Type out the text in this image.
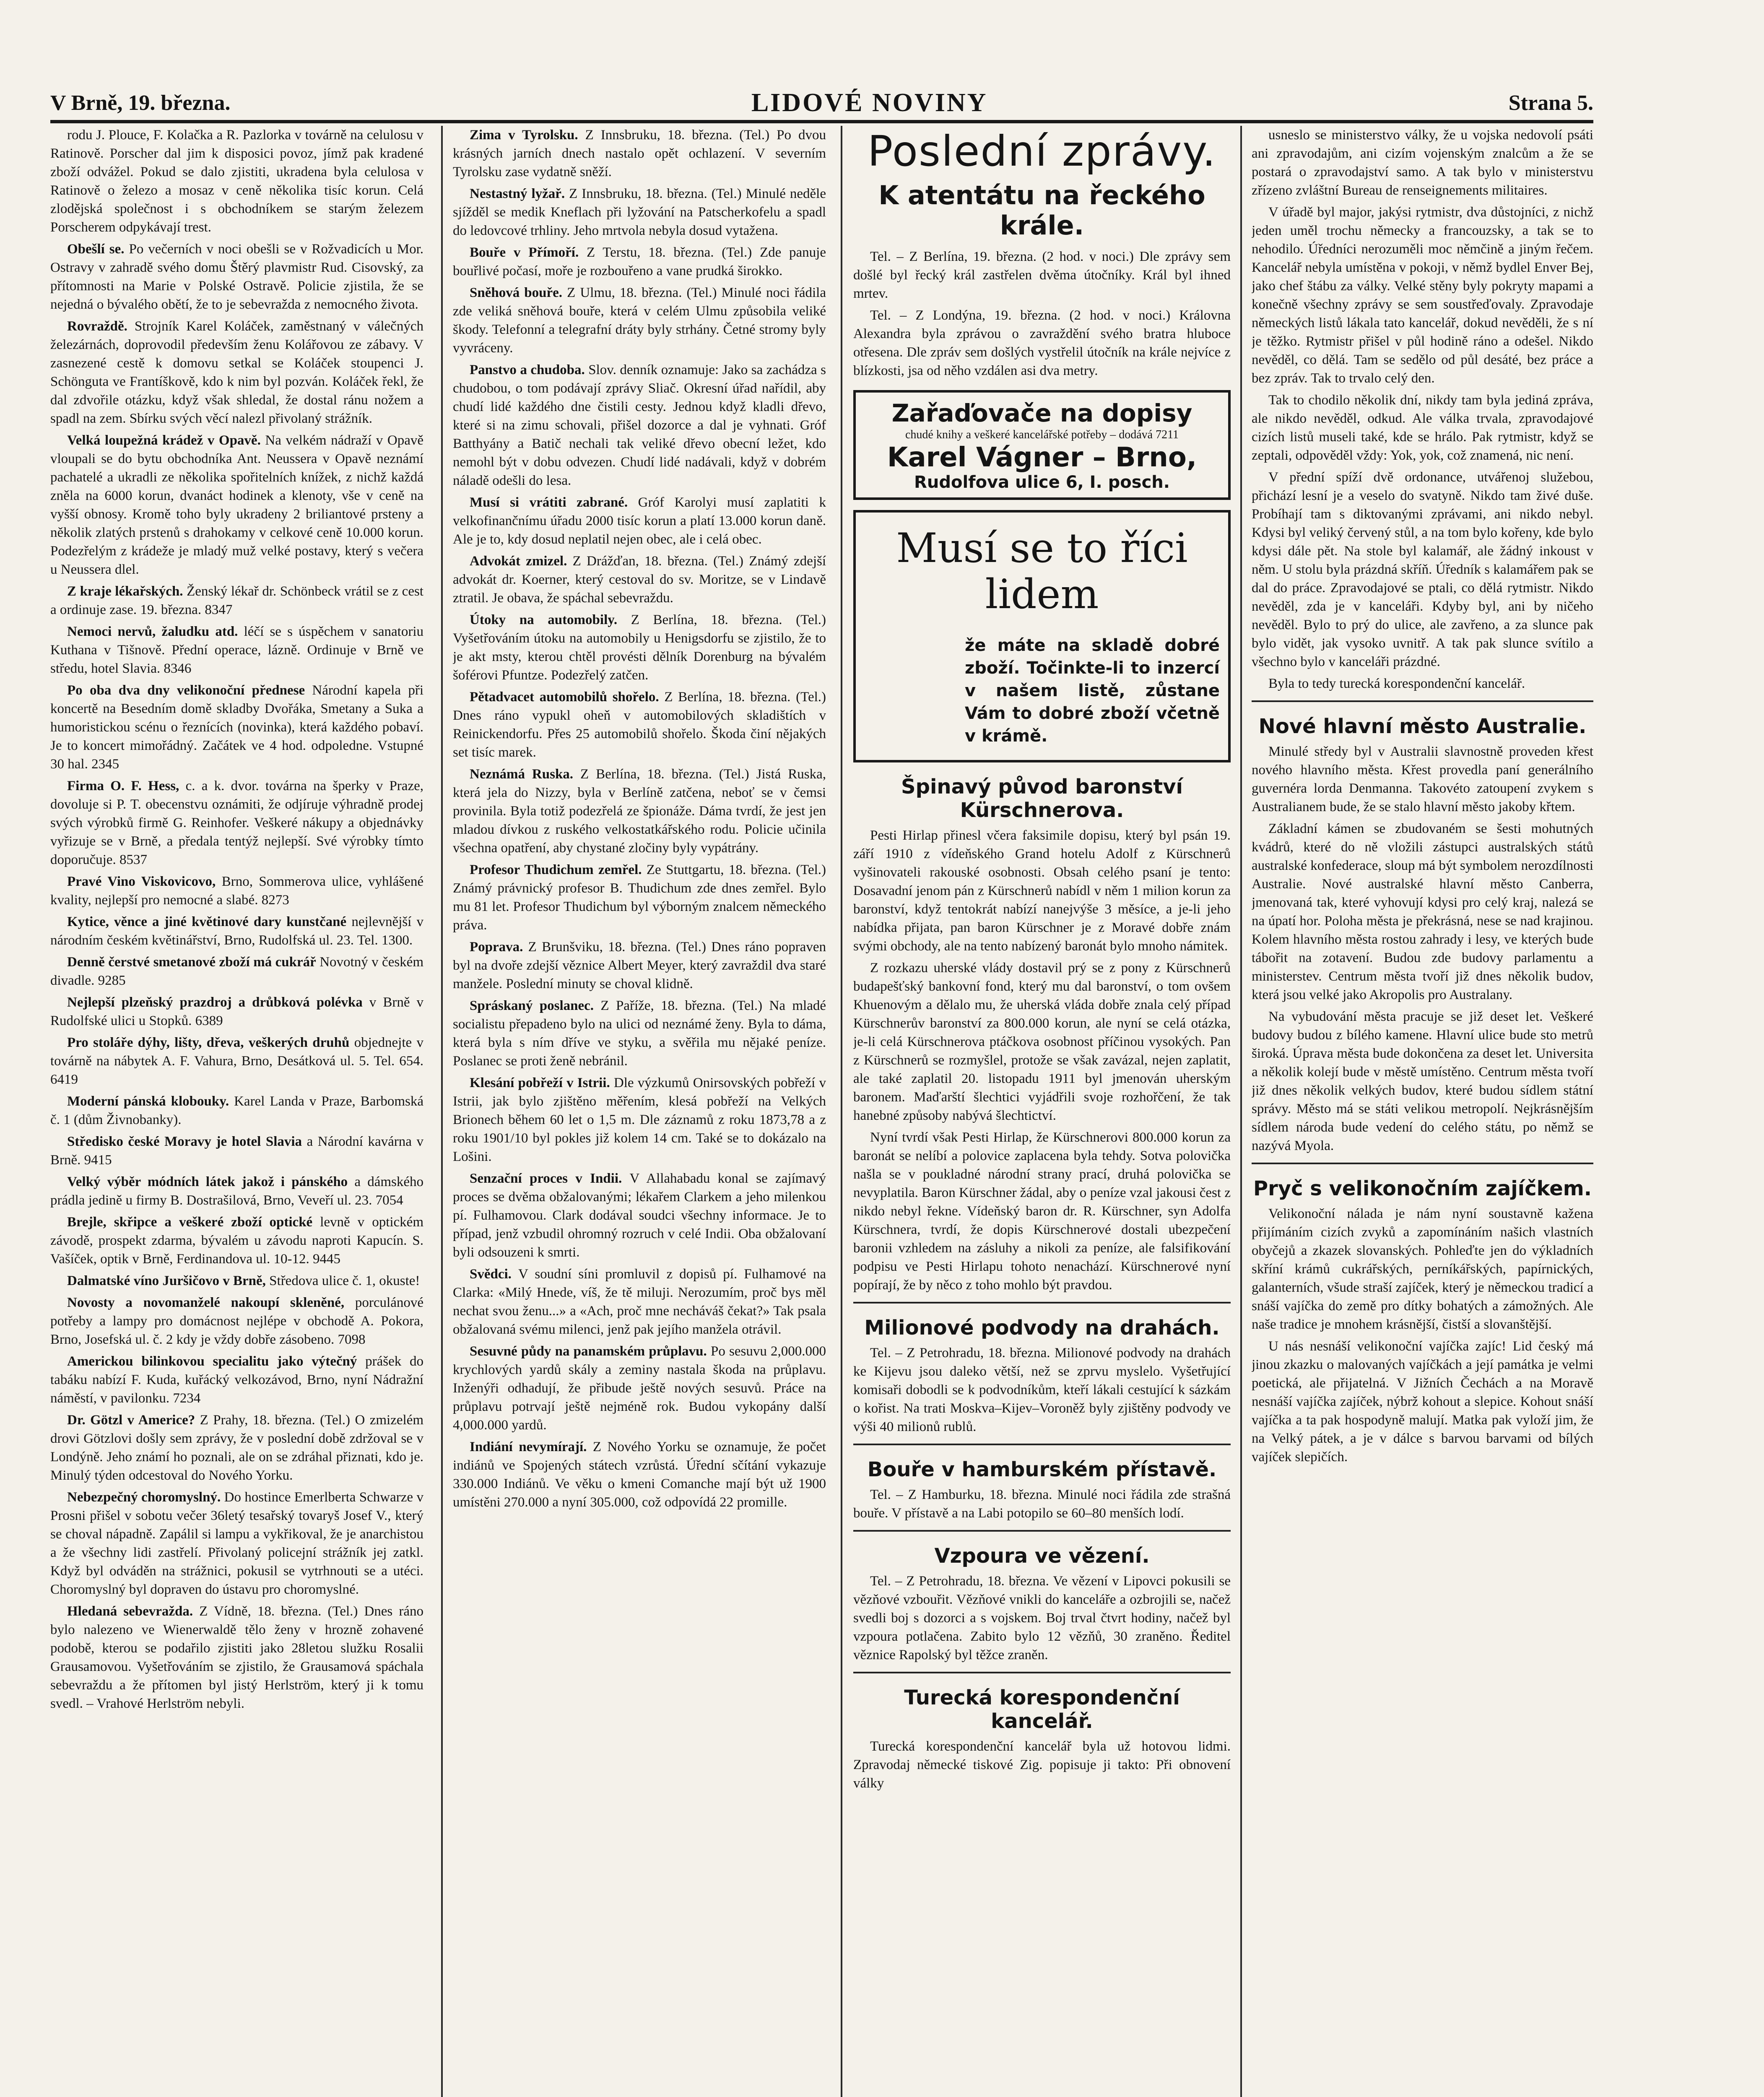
V Brně, 19. března.	LIDOVÉ NOVINY	Strana 5.

rodu J. Plouce, F. Kolačka a R. Pazlorka v továrně na celulosu v Ratinově. Porscher dal jim k disposici povoz, jímž pak kradené zboží odvážel. Pokud se dalo zjistiti, ukradena byla celulosa v Ratinově o železo a mosaz v ceně několika tisíc korun. Celá zlodějská společnost i s obchodníkem se starým železem Porscherem odpykávají trest.

Obešlí se. Po večerních v noci obešli se v Rožvadicích u Mor. Ostravy v zahradě svého domu Štěrý plavmistr Rud. Cisovský, za přítomnosti na Marie v Polské Ostravě. Policie zjistila, že se nejedná o bývalého obětí, že to je sebevražda z nemocného života.

Rovraždě. Strojník Karel Koláček, zaměstnaný v válečných železárnách, doprovodil především ženu Kolářovou ze zábavy. V zasnezené cestě k domovu setkal se Koláček stoupenci J. Schönguta ve Frantíškově, kdo k nim byl pozván. Koláček řekl, že dal zdvořile otázku, když však shledal, že dostal ránu nožem a spadl na zem. Sbírku svých věcí nalezl přivolaný strážník.

Velká loupežná krádež v Opavě. Na velkém nádraží v Opavě vloupali se do bytu obchodníka Ant. Neussera v Opavě neznámí pachatelé a ukradli ze několika spořitelních knížek, z nichž každá zněla na 6000 korun, dvanáct hodinek a klenoty, vše v ceně na vyšší obnosy. Kromě toho byly ukradeny 2 briliantové prsteny a několik zlatých prstenů s drahokamy v celkové ceně 10.000 korun. Podezřelým z krádeže je mladý muž velké postavy, který s večera u Neussera dlel.

Z kraje lékařských. Ženský lékař dr. Schönbeck vrátil se z cest a ordinuje zase. 19. března. 8347

Nemoci nervů, žaludku atd. léčí se s úspěchem v sanatoriu Kuthana v Tišnově. Přední operace, lázně. Ordinuje v Brně ve středu, hotel Slavia. 8346

Po oba dva dny velikonoční přednese Národní kapela při koncertě na Besedním domě skladby Dvořáka, Smetany a Suka a humoristickou scénu o řeznících (novinka), která každého pobaví. Je to koncert mimořádný. Začátek ve 4 hod. odpoledne. Vstupné 30 hal. 2345

Firma O. F. Hess, c. a k. dvor. továrna na šperky v Praze, dovoluje si P. T. obecenstvu oznámiti, že odjíruje výhradně prodej svých výrobků firmě G. Reinhofer. Veškeré nákupy a objednávky vyřizuje se v Brně, a předala tentýž nejlepší. Své výrobky tímto doporučuje. 8537

Pravé Vino Viskovicovo, Brno, Sommerova ulice, vyhlášené kvality, nejlepší pro nemocné a slabé. 8273

Kytice, věnce a jiné květinové dary kunstčané nejlevnější v národním českém květinářství, Brno, Rudolfská ul. 23. Tel. 1300.

Denně čerstvé smetanové zboží má cukrář Novotný v českém divadle. 9285

Nejlepší plzeňský prazdroj a drůbková polévka v Brně v Rudolfské ulici u Stopků. 6389

Pro stoláře dýhy, lišty, dřeva, veškerých druhů objednejte v továrně na nábytek A. F. Vahura, Brno, Desátková ul. 5. Tel. 654. 6419

Moderní pánská klobouky. Karel Landa v Praze, Barbomská č. 1 (dům Živnobanky).

Středisko české Moravy je hotel Slavia a Národní kavárna v Brně. 9415

Velký výběr módních látek jakož i pánského a dámského prádla jedině u firmy B. Dostrašilová, Brno, Veveří ul. 23. 7054

Brejle, skřipce a veškeré zboží optické levně v optickém závodě, prospekt zdarma, bývalém u závodu naproti Kapucín. S. Vašíček, optik v Brně, Ferdinandova ul. 10-12. 9445

Dalmatské víno Juršičovo v Brně, Středova ulice č. 1, okuste!

Novosty a novomanželé nakoupí skleněné, porculánové potřeby a lampy pro domácnost nejlépe v obchodě A. Pokora, Brno, Josefská ul. č. 2 kdy je vždy dobře zásobeno. 7098

Americkou bilinkovou specialitu jako výtečný prášek do tabáku nabízí F. Kuda, kuřácký velkozávod, Brno, nyní Nádražní náměstí, v pavilonku. 7234

Dr. Götzl v Americe? Z Prahy, 18. března. (Tel.) O zmizelém drovi Götzlovi došly sem zprávy, že v poslední době zdržoval se v Londýně. Jeho známí ho poznali, ale on se zdráhal přiznati, kdo je. Minulý týden odcestoval do Nového Yorku.

Nebezpečný choromyslný. Do hostince Emerlberta Schwarze v Prosni přišel v sobotu večer 36letý tesařský tovaryš Josef V., který se choval nápadně. Zapálil si lampu a vykřikoval, že je anarchistou a že všechny lidi zastřelí. Přivolaný policejní strážník jej zatkl. Když byl odváděn na strážnici, pokusil se vytrhnouti se a utéci. Choromyslný byl dopraven do ústavu pro choromyslné.

Hledaná sebevražda. Z Vídně, 18. března. (Tel.) Dnes ráno bylo nalezeno ve Wienerwaldě tělo ženy v hrozně zohavené podobě, kterou se podařilo zjistiti jako 28letou služku Rosalii Grausamovou. Vyšetřováním se zjistilo, že Grausamová spáchala sebevraždu a že přítomen byl jistý Herlström, který ji k tomu svedl. – Vrahové Herlström nebyli.

Zima v Tyrolsku. Z Innsbruku, 18. března. (Tel.) Po dvou krásných jarních dnech nastalo opět ochlazení. V severním Tyrolsku zase vydatně sněží.

Nestastný lyžař. Z Innsbruku, 18. března. (Tel.) Minulé neděle sjížděl se medik Kneflach při lyžování na Patscherkofelu a spadl do ledovcové trhliny. Jeho mrtvola nebyla dosud vytažena.

Bouře v Přímoří. Z Terstu, 18. března. (Tel.) Zde panuje bouřlivé počasí, moře je rozbouřeno a vane prudká širokko.

Sněhová bouře. Z Ulmu, 18. března. (Tel.) Minulé noci řádila zde veliká sněhová bouře, která v celém Ulmu způsobila veliké škody. Telefonní a telegrafní dráty byly strhány. Četné stromy byly vyvráceny.

Panstvo a chudoba. Slov. denník oznamuje: Jako sa zachádza s chudobou, o tom podávají zprávy Sliač. Okresní úřad nařídil, aby chudí lidé každého dne čistili cesty. Jednou když kladli dřevo, které si na zimu schovali, přišel dozorce a dal je vyhnati. Gróf Batthyány a Batič nechali tak veliké dřevo obecní ležet, kdo nemohl být v dobu odvezen. Chudí lidé nadávali, když v dobrém náladě odešli do lesa.

Musí si vrátiti zabrané. Gróf Karolyi musí zaplatiti k velkofinančnímu úřadu 2000 tisíc korun a platí 13.000 korun daně. Ale je to, kdy dosud neplatil nejen obec, ale i celá obec.

Advokát zmizel. Z Drážďan, 18. března. (Tel.) Známý zdejší advokát dr. Koerner, který cestoval do sv. Moritze, se v Lindavě ztratil. Je obava, že spáchal sebevraždu.

Útoky na automobily. Z Berlína, 18. března. (Tel.) Vyšetřováním útoku na automobily u Henigsdorfu se zjistilo, že to je akt msty, kterou chtěl provésti dělník Dorenburg na bývalém šoférovi Pfuntze. Podezřelý zatčen.

Pětadvacet automobilů shořelo. Z Berlína, 18. března. (Tel.) Dnes ráno vypukl oheň v automobilových skladištích v Reinickendorfu. Přes 25 automobilů shořelo. Škoda činí nějakých set tisíc marek.

Neznámá Ruska. Z Berlína, 18. března. (Tel.) Jistá Ruska, která jela do Nizzy, byla v Berlíně zatčena, neboť se v čemsi provinila. Byla totiž podezřelá ze špionáže. Dáma tvrdí, že jest jen mladou dívkou z ruského velkostatkářského rodu. Policie učinila všechna opatření, aby chystané zločiny byly vypátrány.

Profesor Thudichum zemřel. Ze Stuttgartu, 18. března. (Tel.) Známý právnický profesor B. Thudichum zde dnes zemřel. Bylo mu 81 let. Profesor Thudichum byl výborným znalcem německého práva.

Poprava. Z Brunšviku, 18. března. (Tel.) Dnes ráno popraven byl na dvoře zdejší věznice Albert Meyer, který zavraždil dva staré manžele. Poslední minuty se choval klidně.

Spráskaný poslanec. Z Paříže, 18. března. (Tel.) Na mladé socialistu přepadeno bylo na ulici od neznámé ženy. Byla to dáma, která byla s ním dříve ve styku, a svěřila mu nějaké peníze. Poslanec se proti ženě nebránil.

Klesání pobřeží v Istrii. Dle výzkumů Onirsovských pobřeží v Istrii, jak bylo zjištěno měřením, klesá pobřeží na Velkých Brionech během 60 let o 1,5 m. Dle záznamů z roku 1873,78 a z roku 1901/10 byl pokles již kolem 14 cm. Také se to dokázalo na Lošini.

Senzační proces v Indii. V Allahabadu konal se zajímavý proces se dvěma obžalovanými; lékařem Clarkem a jeho milenkou pí. Fulhamovou. Clark dodával soudci všechny informace. Je to případ, jenž vzbudil ohromný rozruch v celé Indii. Oba obžalovaní byli odsouzeni k smrti.

Svědci. V soudní síni promluvil z dopisů pí. Fulhamové na Clarka: «Milý Hnede, víš, že tě miluji. Nerozumím, proč bys měl nechat svou ženu...» a «Ach, proč mne necháváš čekat?» Tak psala obžalovaná svému milenci, jenž pak jejího manžela otrávil.

Sesuvné půdy na panamském průplavu. Po sesuvu 2,000.000 krychlových yardů skály a zeminy nastala škoda na průplavu. Inženýři odhadují, že přibude ještě nových sesuvů. Práce na průplavu potrvají ještě nejméně rok. Budou vykopány další 4,000.000 yardů.

Indiání nevymírají. Z Nového Yorku se oznamuje, že počet indiánů ve Spojených státech vzrůstá. Úřední sčítání vykazuje 330.000 Indiánů. Ve věku o kmeni Comanche mají být už 1900 umístěni 270.000 a nyní 305.000, což odpovídá 22 promille.

Poslední zprávy.
K atentátu na řeckého krále.

Tel. – Z Berlína, 19. března. (2 hod. v noci.) Dle zprávy sem došlé byl řecký král zastřelen dvěma útočníky. Král byl ihned mrtev.

Tel. – Z Londýna, 19. března. (2 hod. v noci.) Královna Alexandra byla zprávou o zavraždění svého bratra hluboce otřesena. Dle zpráv sem došlých vystřelil útočník na krále nejvíce z blízkosti, jsa od něho vzdálen asi dva metry.

Zařaďovače na dopisy
chudé knihy a veškeré kancelářské potřeby – dodává 7211
Karel Vágner – Brno,
Rudolfova ulice 6, I. posch.
Musí se to říci lidem
že máte na skladě dobré zboží. Točinkte-li to inzercí v našem listě, zůstane Vám to dobré zboží včetně v krámě.
Špinavý původ baronství Kürschnerova.

Pesti Hirlap přinesl včera faksimile dopisu, který byl psán 19. září 1910 z vídeňského Grand hotelu Adolf z Kürschnerů vyšinovateli rakouské osobnosti. Obsah celého psaní je tento: Dosavadní jenom pán z Kürschnerů nabídl v něm 1 milion korun za baronství, když tentokrát nabízí nanejvýše 3 měsíce, a je-li jeho nabídka přijata, pan baron Kürschner je z Moravé dobře znám svými obchody, ale na tento nabízený baronát bylo mnoho námitek.

Z rozkazu uherské vlády dostavil prý se z pony z Kürschnerů budapešťský bankovní fond, který mu dal baronství, o tom ovšem Khuenovým a dělalo mu, že uherská vláda dobře znala celý případ Kürschnerův baronství za 800.000 korun, ale nyní se celá otázka, je-li celá Kürschnerova ptáčkova osobnost příčinou vysokých. Pan z Kürschnerů se rozmyšlel, protože se však zavázal, nejen zaplatit, ale také zaplatil 20. listopadu 1911 byl jmenován uherským baronem. Maďarští šlechtici vyjádřili svoje rozhořčení, že tak hanebné způsoby nabývá šlechtictví.

Nyní tvrdí však Pesti Hirlap, že Kürschnerovi 800.000 korun za baronát se nelíbí a polovice zaplacena byla tehdy. Sotva polovička našla se v poukladné národní strany prací, druhá polovička se nevyplatila. Baron Kürschner žádal, aby o peníze vzal jakousi čest z nikdo nebyl řekne. Vídeňský baron dr. R. Kürschner, syn Adolfa Kürschnera, tvrdí, že dopis Kürschnerové dostali ubezpečení baronii vzhledem na zásluhy a nikoli za peníze, ale falsifikování podpisu ve Pesti Hirlapu tohoto nenachází. Kürschnerové nyní popírají, že by něco z toho mohlo být pravdou.

Milionové podvody na drahách.
Tel. – Z Petrohradu, 18. března. Milionové podvody na drahách ke Kijevu jsou daleko větší, než se zprvu myslelo. Vyšetřující komisaři dobodli se k podvodníkům, kteří lákali cestující k sázkám o kořist. Na trati Moskva–Kijev–Voroněž byly zjištěny podvody ve výši 40 milionů rublů.
Bouře v hamburském přístavě.
Tel. – Z Hamburku, 18. března. Minulé noci řádila zde strašná bouře. V přístavě a na Labi potopilo se 60–80 menších lodí.
Vzpoura ve vězení.
Tel. – Z Petrohradu, 18. března. Ve vězení v Lipovci pokusili se vězňové vzbouřit. Vězňové vnikli do kanceláře a ozbrojili se, načež svedli boj s dozorci a s vojskem. Boj trval čtvrt hodiny, načež byl vzpoura potlačena. Zabito bylo 12 vězňů, 30 zraněno. Ředitel věznice Rapolský byl těžce zraněn.
Turecká korespondenční kancelář.
Turecká korespondenční kancelář byla už hotovou lidmi. Zpravodaj německé tiskové Zig. popisuje ji takto: Při obnovení války

usneslo se ministerstvo války, že u vojska nedovolí psáti ani zpravodajům, ani cizím vojenským znalcům a že se postará o zpravodajství samo. A tak bylo v ministerstvu zřízeno zvláštní Bureau de renseignements militaires.

V úřadě byl major, jakýsi rytmistr, dva důstojníci, z nichž jeden uměl trochu německy a francouzsky, a tak se to nehodilo. Úředníci nerozuměli moc němčině a jiným řečem. Kancelář nebyla umístěna v pokoji, v němž bydlel Enver Bej, jako chef štábu za války. Velké stěny byly pokryty mapami a konečně všechny zprávy se sem soustřeďovaly. Zpravodaje německých listů lákala tato kancelář, dokud nevěděli, že s ní je těžko. Rytmistr přišel v půl hodině ráno a odešel. Nikdo nevěděl, co dělá. Tam se sedělo od půl desáté, bez práce a bez zpráv. Tak to trvalo celý den.

Tak to chodilo několik dní, nikdy tam byla jediná zpráva, ale nikdo nevěděl, odkud. Ale válka trvala, zpravodajové cizích listů museli také, kde se hrálo. Pak rytmistr, když se zeptali, odpověděl vždy: Yok, yok, což znamená, nic není.

V přední spíží dvě ordonance, utvářenoj služebou, přichází lesní je a veselo do svatyně. Nikdo tam živé duše. Probíhají tam s diktovanými zprávami, ani nikdo nebyl. Kdysi byl veliký červený stůl, a na tom bylo kořeny, kde bylo kdysi dále pět. Na stole byl kalamář, ale žádný inkoust v něm. U stolu byla prázdná skříň. Úředník s kalamářem pak se dal do práce. Zpravodajové se ptali, co dělá rytmistr. Nikdo nevěděl, zda je v kanceláři. Kdyby byl, ani by ničeho nevěděl. Bylo to prý do ulice, ale zavřeno, a za slunce pak bylo vidět, jak vysoko uvnitř. A tak pak slunce svítilo a všechno bylo v kanceláři prázdné.

Byla to tedy turecká korespondenční kancelář.

Nové hlavní město Australie.

Minulé středy byl v Australii slavnostně proveden křest nového hlavního města. Křest provedla paní generálního guvernéra lorda Denmanna. Takovéto zatoupení zvykem s Australianem bude, že se stalo hlavní město jakoby křtem.

Základní kámen se zbudovaném se šesti mohutných kvádrů, které do ně vložili zástupci australských států australské konfederace, sloup má být symbolem nerozdílnosti Australie. Nové australské hlavní město Canberra, jmenovaná tak, které vyhovují kdysi pro celý kraj, nalezá se na úpatí hor. Poloha města je překrásná, nese se nad krajinou. Kolem hlavního města rostou zahrady i lesy, ve kterých bude tábořit na zotavení. Budou zde budovy parlamentu a ministerstev. Centrum města tvoří již dnes několik budov, která jsou velké jako Akropolis pro Australany.

Na vybudování města pracuje se již deset let. Veškeré budovy budou z bílého kamene. Hlavní ulice bude sto metrů široká. Úprava města bude dokončena za deset let. Universita a několik kolejí bude v městě umístěno. Centrum města tvoří již dnes několik velkých budov, které budou sídlem státní správy. Město má se státi velikou metropolí. Nejkrásnějším sídlem národa bude vedení do celého státu, po němž se nazývá Myola.

Pryč s velikonočním zajíčkem.

Velikonoční nálada je nám nyní soustavně kažena přijímáním cizích zvyků a zapomínáním našich vlastních obyčejů a zkazek slovanských. Pohleďte jen do výkladních skříní krámů cukrářských, perníkářských, papírnických, galanterních, všude straší zajíček, který je německou tradicí a snáší vajíčka do země pro dítky bohatých a zámožných. Ale naše tradice je mnohem krásnější, čistší a slovanštější.

U nás nesnáší velikonoční vajíčka zajíc! Lid český má jinou zkazku o malovaných vajíčkách a její památka je velmi poetická, ale přijatelná. V Jižních Čechách a na Moravě nesnáší vajíčka zajíček, nýbrž kohout a slepice. Kohout snáší vajíčka a ta pak hospodyně malují. Matka pak vyloží jim, že na Velký pátek, a je v dálce s barvou barvami od bílých vajíček slepičích.
